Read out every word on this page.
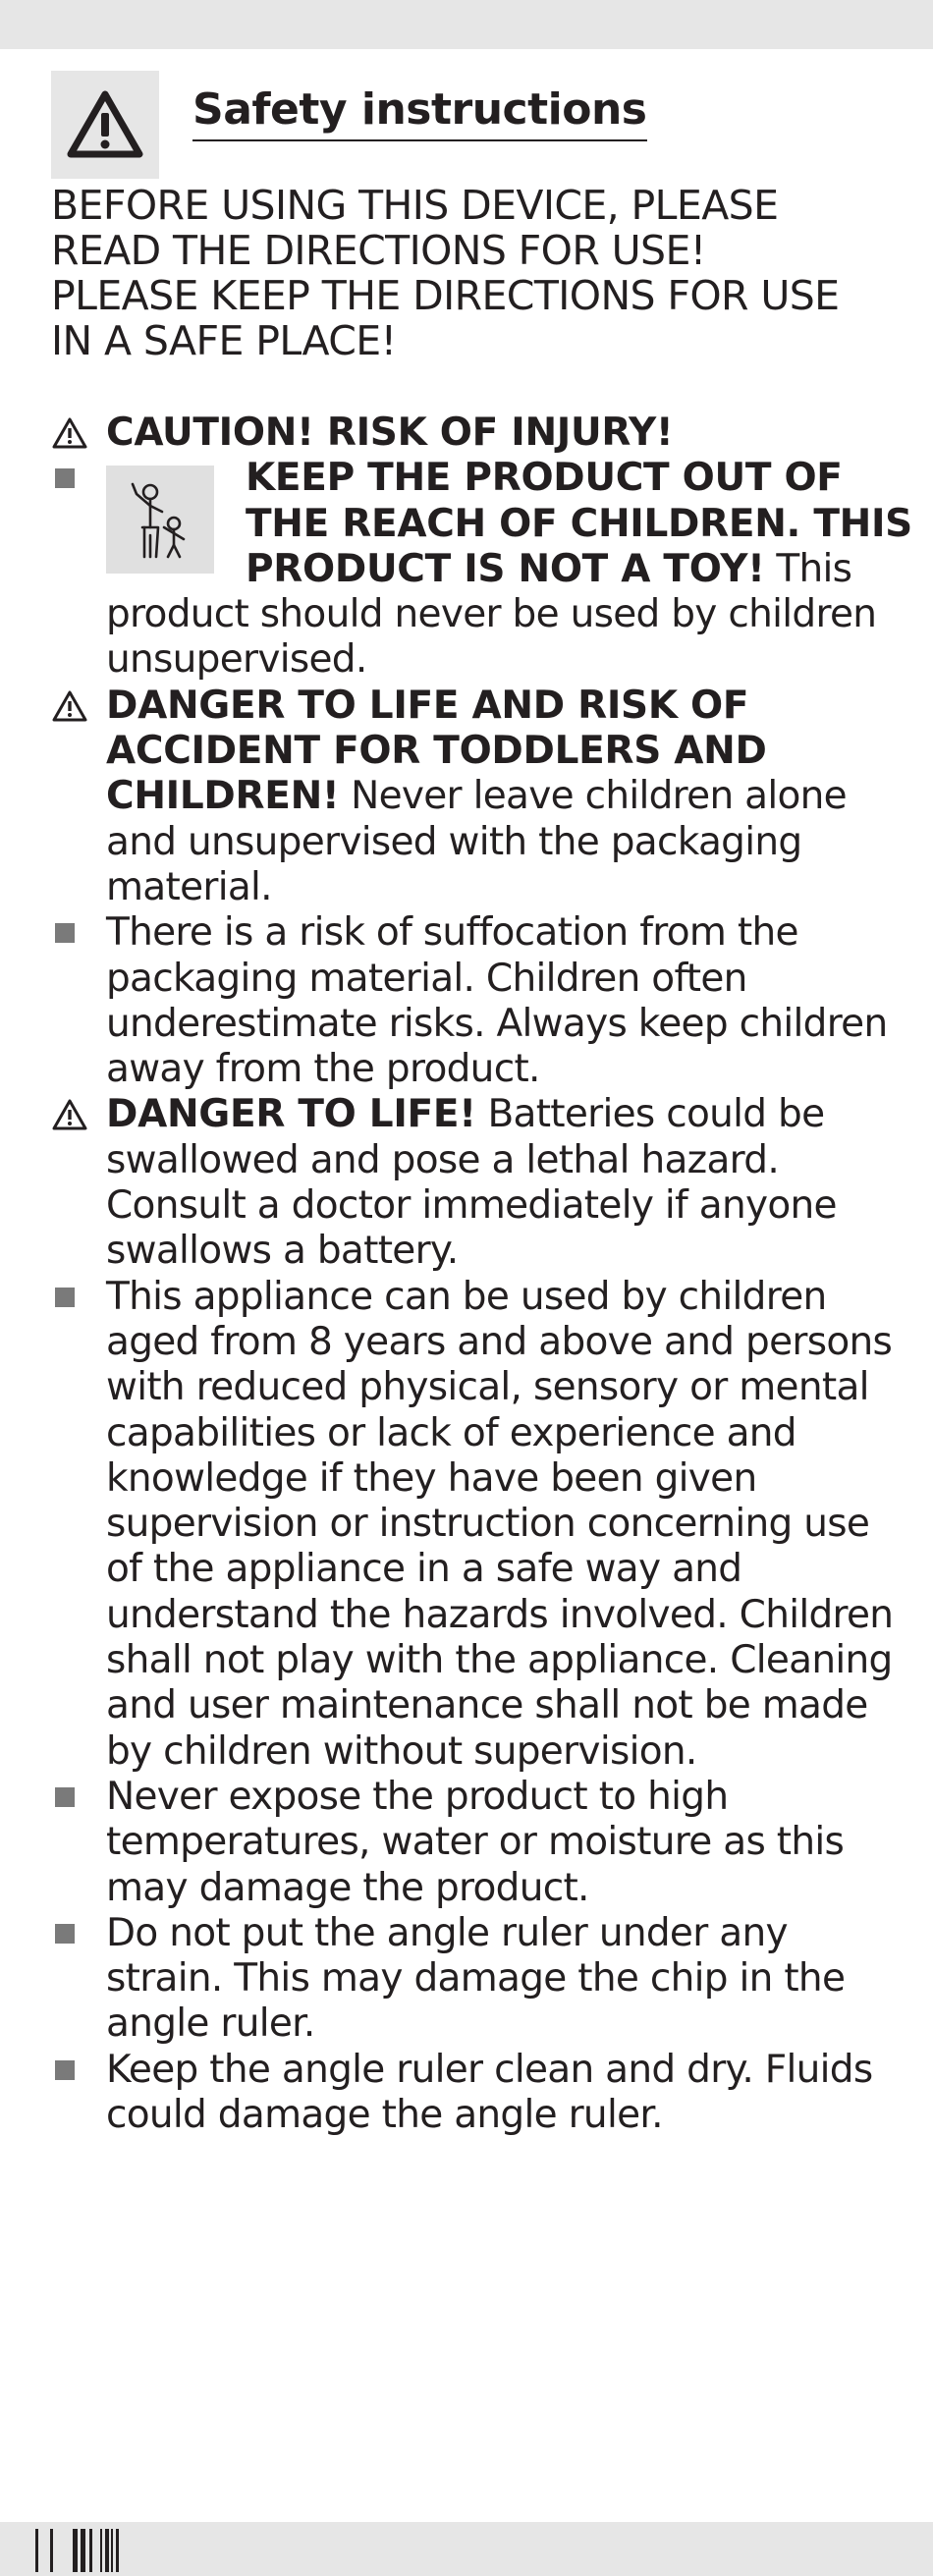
Safety instructions
BEFORE USING THIS DEVICE, PLEASE
READ THE DIRECTIONS FOR USE!
PLEASE KEEP THE DIRECTIONS FOR USE
IN A SAFE PLACE!
CAUTION! RISK OF INJURY!
KEEP THE PRODUCT OUT OF THE REACH OF CHILDREN. THIS PRODUCT IS NOT A TOY! This product should never be used by children unsupervised.
DANGER TO LIFE AND RISK OF ACCIDENT FOR TODDLERS AND CHILDREN! Never leave children alone and unsupervised with the packaging material.
There is a risk of suffocation from the packaging material. Children often underestimate risks. Always keep children away from the product.
DANGER TO LIFE! Batteries could be swallowed and pose a lethal hazard. Consult a doctor immediately if anyone swallows a battery.
This appliance can be used by children aged from 8 years and above and persons with reduced physical, sensory or mental capabilities or lack of experience and knowledge if they have been given supervision or instruction concerning use of the appliance in a safe way and understand the hazards involved. Children shall not play with the appliance. Cleaning and user maintenance shall not be made by children without supervision.
Never expose the product to high temperatures, water or moisture as this may damage the product.
Do not put the angle ruler under any strain. This may damage the chip in the angle ruler.
Keep the angle ruler clean and dry. Fluids could damage the angle ruler.
